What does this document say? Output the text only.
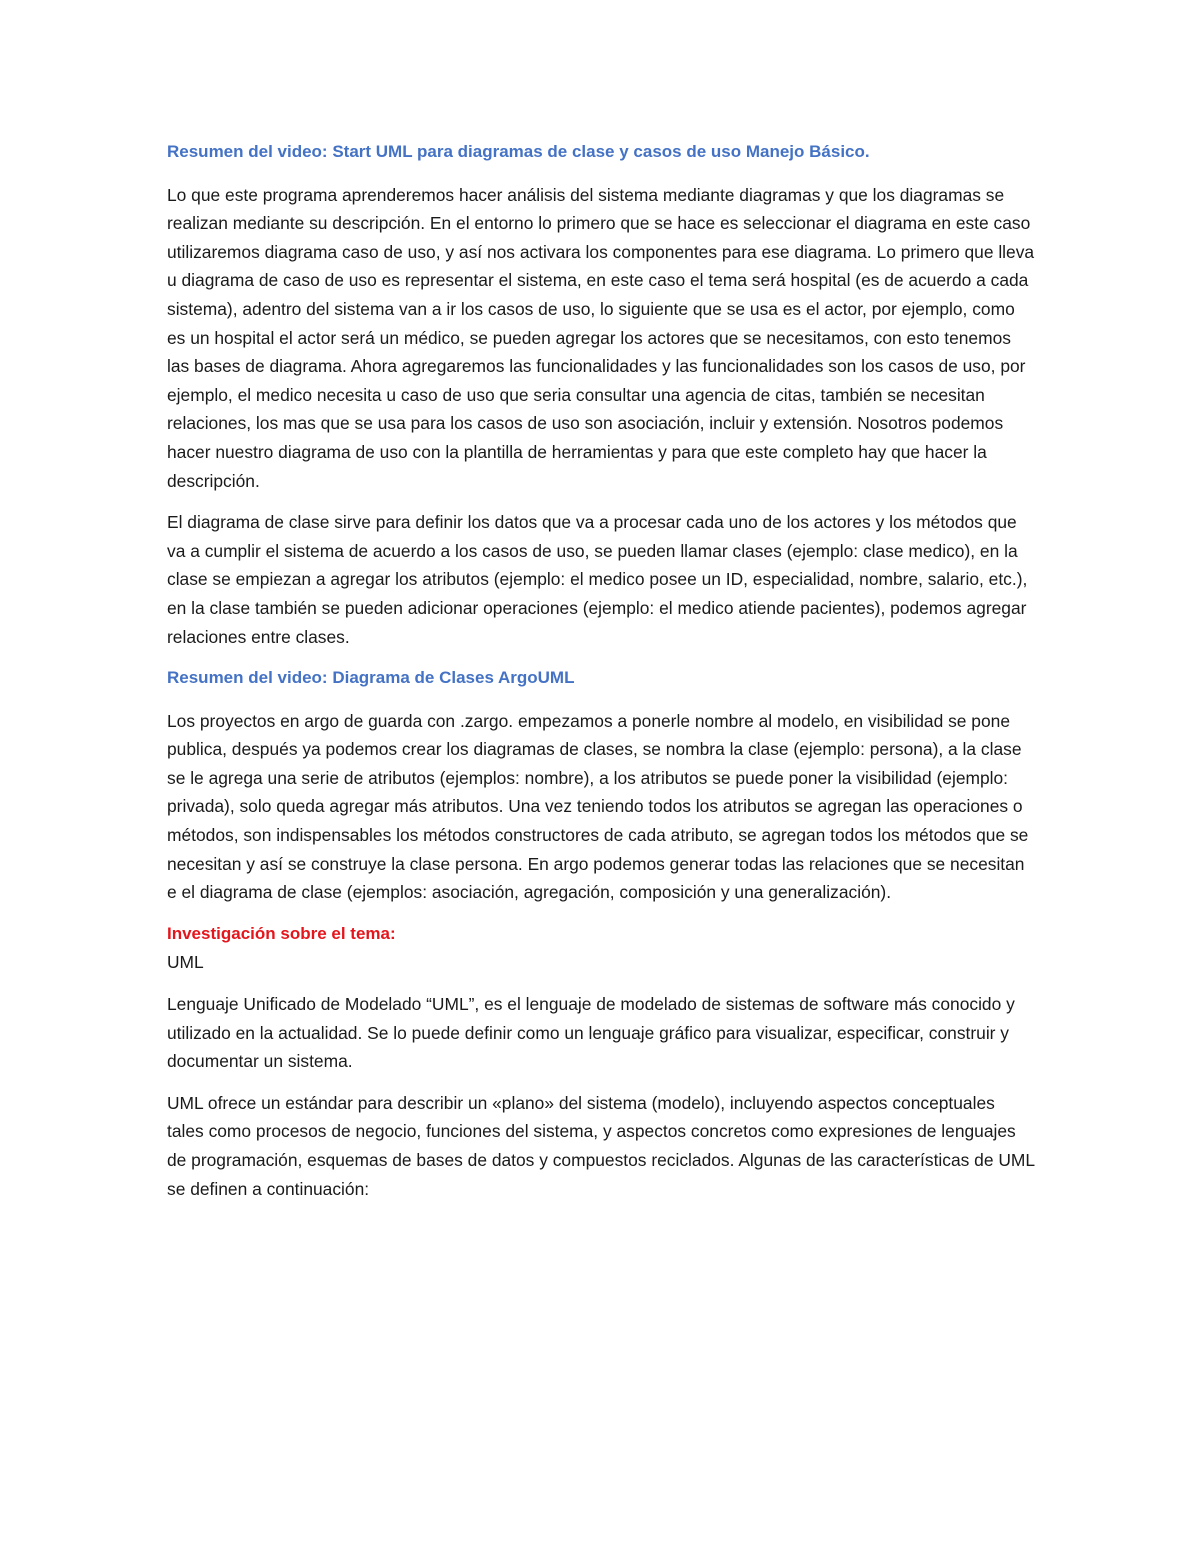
Resumen del video: Start UML para diagramas de clase y casos de uso Manejo Básico.

Lo que este programa aprenderemos hacer análisis del sistema mediante diagramas y que los diagramas se realizan mediante su descripción. En el entorno lo primero que se hace es seleccionar el diagrama en este caso utilizaremos diagrama caso de uso, y así nos activara los componentes para ese diagrama. Lo primero que lleva u diagrama de caso de uso es representar el sistema, en este caso el tema será hospital (es de acuerdo a cada sistema), adentro del sistema van a ir los casos de uso, lo siguiente que se usa es el actor, por ejemplo, como es un hospital el actor será un médico, se pueden agregar los actores que se necesitamos, con esto tenemos las bases de diagrama. Ahora agregaremos las funcionalidades y las funcionalidades son los casos de uso, por ejemplo, el medico necesita u caso de uso que seria consultar una agencia de citas, también se necesitan relaciones, los mas que se usa para los casos de uso son asociación, incluir y extensión. Nosotros podemos hacer nuestro diagrama de uso con la plantilla de herramientas y para que este completo hay que hacer la descripción.

El diagrama de clase sirve para definir los datos que va a procesar cada uno de los actores y los métodos que va a cumplir el sistema de acuerdo a los casos de uso, se pueden llamar clases (ejemplo: clase medico), en la clase se empiezan a agregar los atributos (ejemplo: el medico posee un ID, especialidad, nombre, salario, etc.), en la clase también se pueden adicionar operaciones (ejemplo: el medico atiende pacientes), podemos agregar relaciones entre clases.

Resumen del video: Diagrama de Clases ArgoUML

Los proyectos en argo de guarda con .zargo. empezamos a ponerle nombre al modelo, en visibilidad se pone publica, después ya podemos crear los diagramas de clases, se nombra la clase (ejemplo: persona), a la clase se le agrega una serie de atributos (ejemplos: nombre), a los atributos se puede poner la visibilidad (ejemplo: privada), solo queda agregar más atributos. Una vez teniendo todos los atributos se agregan las operaciones o métodos, son indispensables los métodos constructores de cada atributo, se agregan todos los métodos que se necesitan y así se construye la clase persona. En argo podemos generar todas las relaciones que se necesitan e el diagrama de clase (ejemplos: asociación, agregación, composición y una generalización).

Investigación sobre el tema:

UML

Lenguaje Unificado de Modelado “UML”, es el lenguaje de modelado de sistemas de software más conocido y utilizado en la actualidad. Se lo puede definir como un lenguaje gráfico para visualizar, especificar, construir y documentar un sistema.

UML ofrece un estándar para describir un «plano» del sistema (modelo), incluyendo aspectos conceptuales tales como procesos de negocio, funciones del sistema, y aspectos concretos como expresiones de lenguajes de programación, esquemas de bases de datos y compuestos reciclados. Algunas de las características de UML se definen a continuación:
